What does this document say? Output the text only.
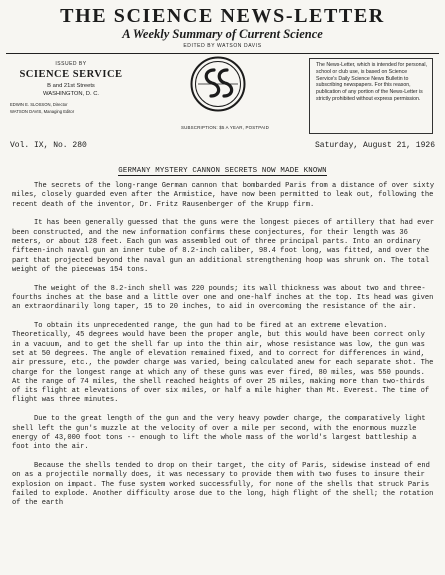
THE SCIENCE NEWS-LETTER
A Weekly Summary of Current Science
EDITED BY WATSON DAVIS
ISSUED BY
SCIENCE SERVICE
B and 21st Streets
WASHINGTON, D. C.
EDWIN E. SLOSSON, Director
WATSON DAVIS, Managing Editor
SUBSCRIPTION: $5 A YEAR, POSTPAID
The News-Letter, which is intended for personal, school or club use, is based on Science Service's Daily Science News Bulletin to subscribing newspapers. For this reason, publication of any portion of the News-Letter is strictly prohibited without express permission.
Vol. IX, No. 280	Saturday, August 21, 1926
GERMANY MYSTERY CANNON SECRETS NOW MADE KNOWN

The secrets of the long-range German cannon that bombarded Paris from a distance of over sixty miles, closely guarded even after the Armistice, have now been permitted to leak out, following the recent death of the inventor, Dr. Fritz Rausenberger of the Krupp firm.

It has been generally guessed that the guns were the longest pieces of artillery that had ever been constructed, and the new information confirms these conjectures, for their length was 36 meters, or about 128 feet. Each gun was assembled out of three principal parts. Into an ordinary fifteen-inch naval gun an inner tube of 8.2-inch caliber, 98.4 foot long, was fitted, and over the part that projected beyond the naval gun an additional strengthening hoop was shrunk on. The total weight of the piecewas 154 tons.

The weight of the 8.2-inch shell was 220 pounds; its wall thickness was about two and three-fourths inches at the base and a little over one and one-half inches at the top. Its head was given an extraordinarily long taper, 15 to 20 inches, to aid in overcoming the resistance of the air.

To obtain its unprecedented range, the gun had to be fired at an extreme elevation. Theoretically, 45 degrees would have been the proper angle, but this would have been correct only in a vacuum, and to get the shell far up into the thin air, whose resistance was low, the gun was set at 50 degrees. The angle of elevation remained fixed, and to correct for differences in wind, air pressure, etc., the powder charge was varied, being calculated anew for each separate shot. The charge for the longest range at which any of these guns was ever fired, 80 miles, was 550 pounds. At the range of 74 miles, the shell reached heights of over 25 miles, making more than two-thirds of its flight at elevations of over six miles, or half a mile higher than Mt. Everest. The time of flight was three minutes.

Due to the great length of the gun and the very heavy powder charge, the comparatively light shell left the gun's muzzle at the velocity of over a mile per second, with the enormous muzzle energy of 43,000 foot tons -- enough to lift the whole mass of the world's largest battleship a foot into the air.

Because the shells tended to drop on their target, the city of Paris, sidewise instead of end on as a projectile normally does, it was necessary to provide them with two fuses to insure their explosion on impact. The fuse system worked successfully, for none of the shells that struck Paris failed to explode. Another difficulty arose due to the long, high flight of the shell; the rotation of the earth
